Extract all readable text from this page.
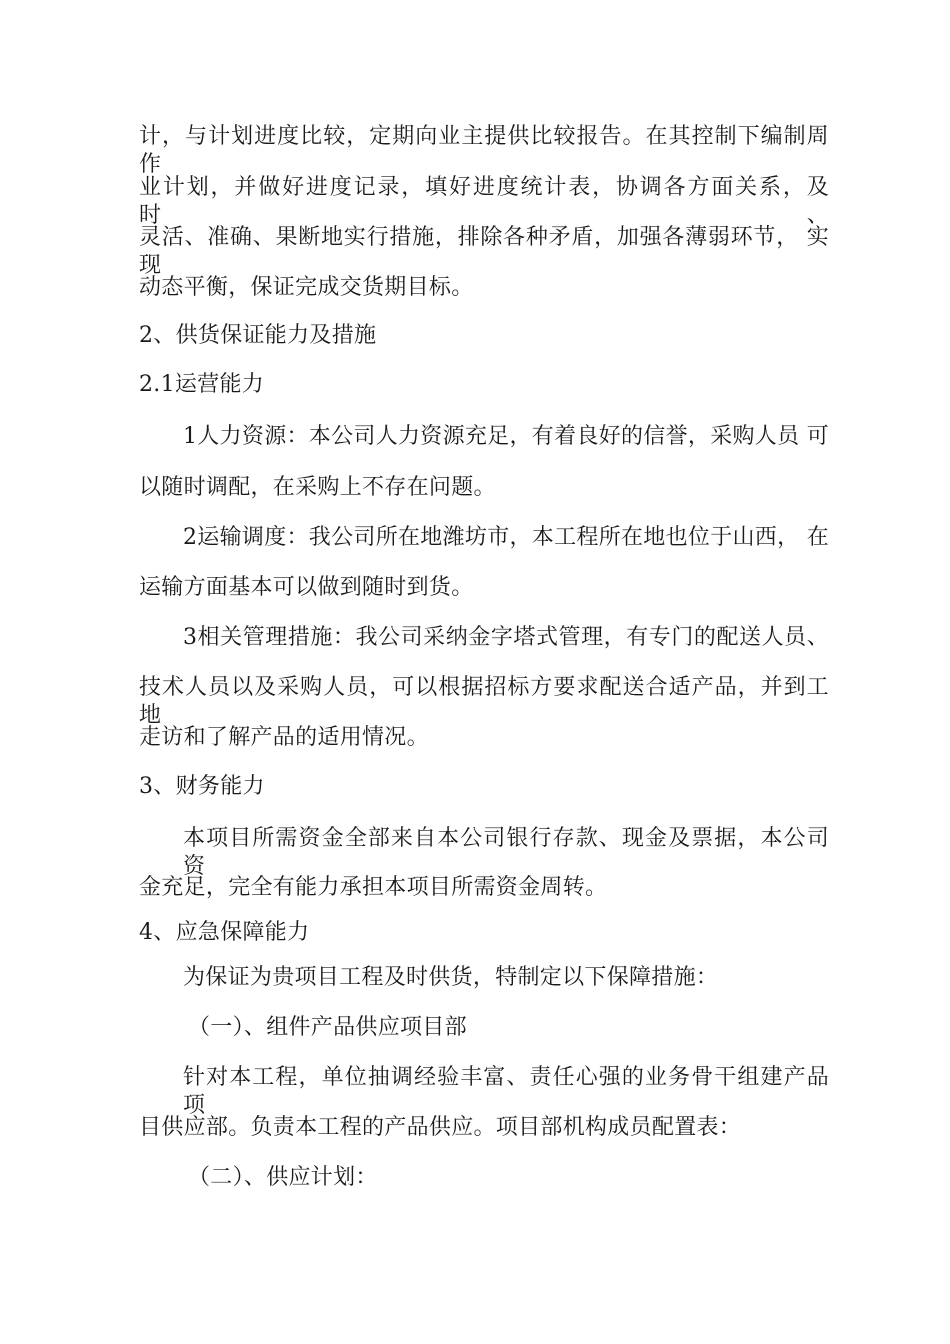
计，与计划进度比较，定期向业主提供比较报告。在其控制下编制周 作
业计划，并做好进度记录，填好进度统计表，协调各方面关系，及 时、
灵活、准确、果断地实行措施，排除各种矛盾，加强各薄弱环节， 实现
动态平衡，保证完成交货期目标。
2、供货保证能力及措施
2.1运营能力
1人力资源：本公司人力资源充足，有着良好的信誉，采购人员 可
以随时调配，在采购上不存在问题。
2运输调度：我公司所在地潍坊市，本工程所在地也位于山西， 在
运输方面基本可以做到随时到货。
3相关管理措施：我公司采纳金字塔式管理，有专门的配送人员、
技术人员以及采购人员，可以根据招标方要求配送合适产品，并到工 地
走访和了解产品的适用情况。
3、财务能力
本项目所需资金全部来自本公司银行存款、现金及票据，本公司 资
金充足，完全有能力承担本项目所需资金周转。
4、应急保障能力
为保证为贵项目工程及时供货，特制定以下保障措施：
（一）、组件产品供应项目部
针对本工程，单位抽调经验丰富、责任心强的业务骨干组建产品 项
目供应部。负责本工程的产品供应。项目部机构成员配置表：
（二）、供应计划：
